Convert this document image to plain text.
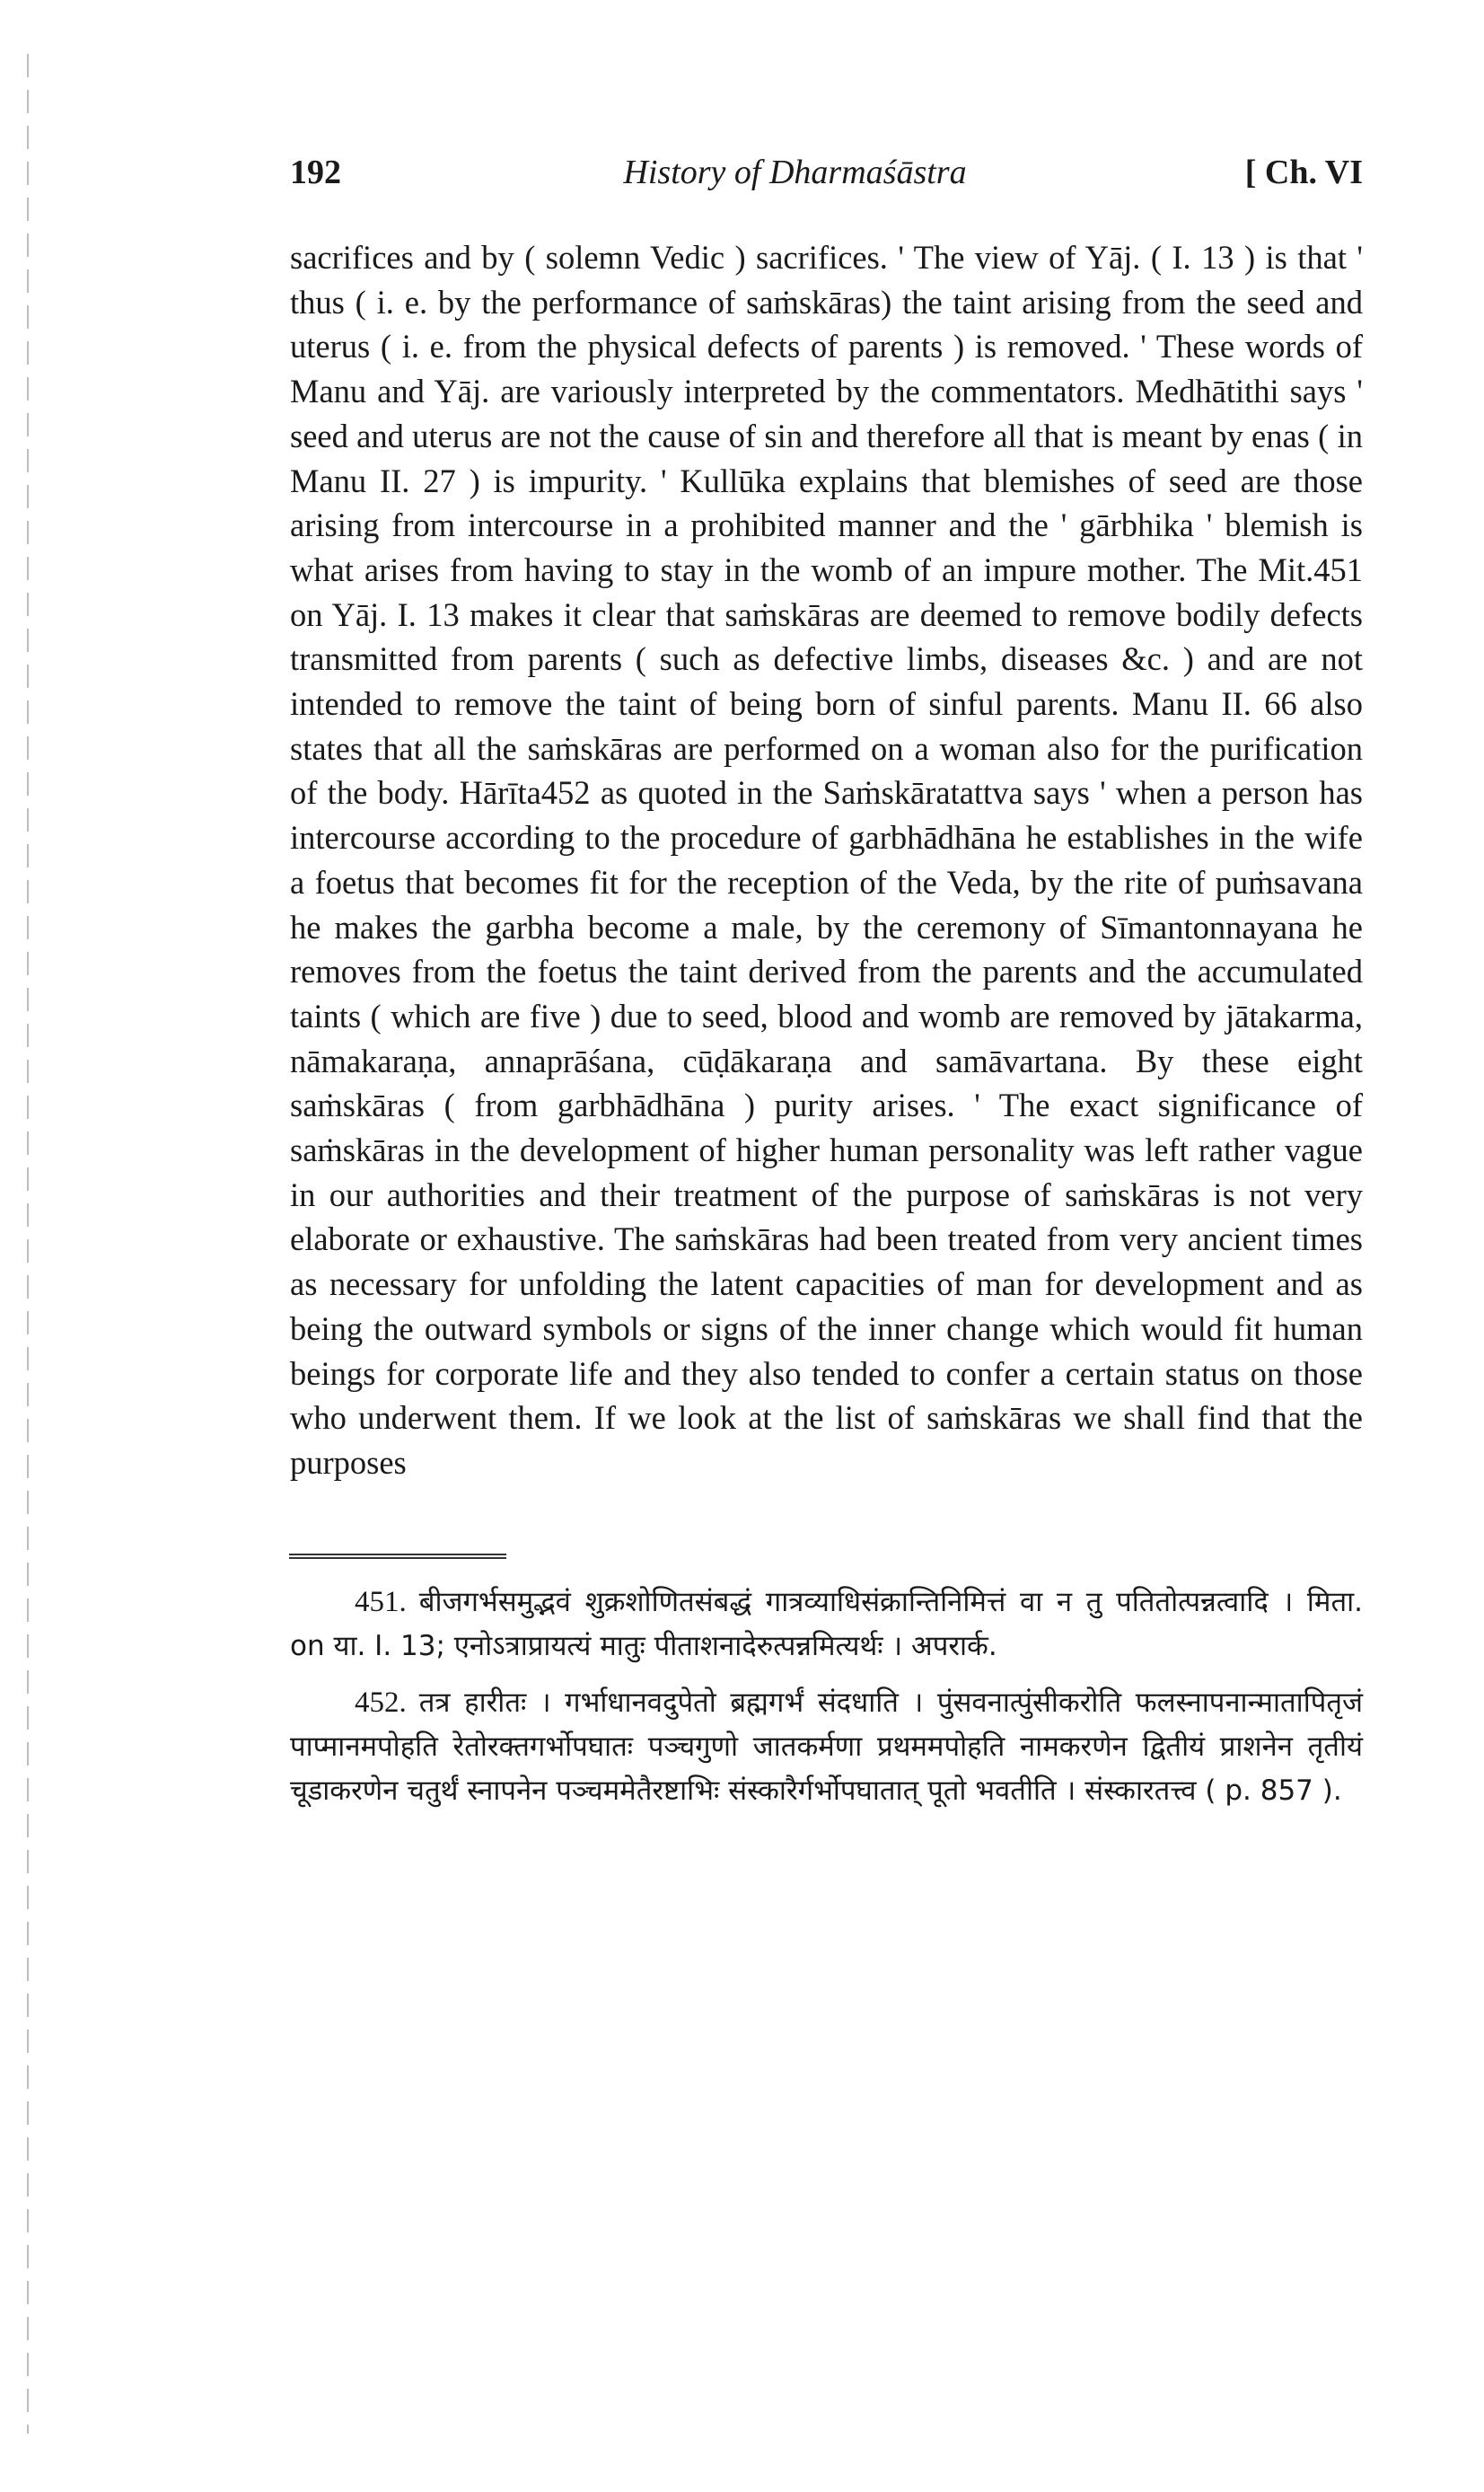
192	History of Dharmaśāstra	[ Ch. VI

sacrifices and by ( solemn Vedic ) sacrifices. ' The view of Yāj. ( I. 13 ) is that ' thus ( i. e. by the performance of saṁskāras) the taint arising from the seed and uterus ( i. e. from the physical defects of parents ) is removed. ' These words of Manu and Yāj. are variously interpreted by the commentators. Medhātithi says ' seed and uterus are not the cause of sin and therefore all that is meant by enas ( in Manu II. 27 ) is impurity. ' Kullūka explains that blemishes of seed are those arising from intercourse in a prohibited manner and the ' gārbhika ' blemish is what arises from having to stay in the womb of an impure mother. The Mit.451 on Yāj. I. 13 makes it clear that saṁskāras are deemed to remove bodily defects transmitted from parents ( such as defective limbs, diseases &c. ) and are not intended to remove the taint of being born of sinful parents. Manu II. 66 also states that all the saṁskāras are performed on a woman also for the purification of the body. Hārīta452 as quoted in the Saṁskāratattva says ' when a person has intercourse according to the procedure of garbhādhāna he establishes in the wife a foetus that becomes fit for the reception of the Veda, by the rite of puṁsavana he makes the garbha become a male, by the ceremony of Sīmantonnayana he removes from the foetus the taint derived from the parents and the accumulated taints ( which are five ) due to seed, blood and womb are removed by jātakarma, nāmakaraṇa, annaprāśana, cūḍākaraṇa and samāvartana. By these eight saṁskāras ( from garbhādhāna ) purity arises. ' The exact significance of saṁskāras in the development of higher human personality was left rather vague in our authorities and their treatment of the purpose of saṁskāras is not very elaborate or exhaustive. The saṁskāras had been treated from very ancient times as necessary for unfolding the latent capacities of man for development and as being the outward symbols or signs of the inner change which would fit human beings for corporate life and they also tended to confer a certain status on those who underwent them. If we look at the list of saṁskāras we shall find that the purposes

451. बीजगर्भसमुद्भवं शुक्रशोणितसंबद्धं गात्रव्याधिसंक्रान्तिनिमित्तं वा न तु पतितोत्पन्नत्वादि । मिता. on या. I. 13; एनोऽत्राप्रायत्यं मातुः पीताशनादेरुत्पन्नमित्यर्थः । अपरार्क.

452. तत्र हारीतः । गर्भाधानवदुपेतो ब्रह्मगर्भं संदधाति । पुंसवनात्पुंसीकरोति फलस्नापनान्मातापितृजं पाप्मानमपोहति रेतोरक्तगर्भोपघातः पञ्चगुणो जातकर्मणा प्रथममपोहति नामकरणेन द्वितीयं प्राशनेन तृतीयं चूडाकरणेन चतुर्थं स्नापनेन पञ्चममेतैरष्टाभिः संस्कारैर्गर्भोपघातात् पूतो भवतीति । संस्कारतत्त्व ( p. 857 ).
